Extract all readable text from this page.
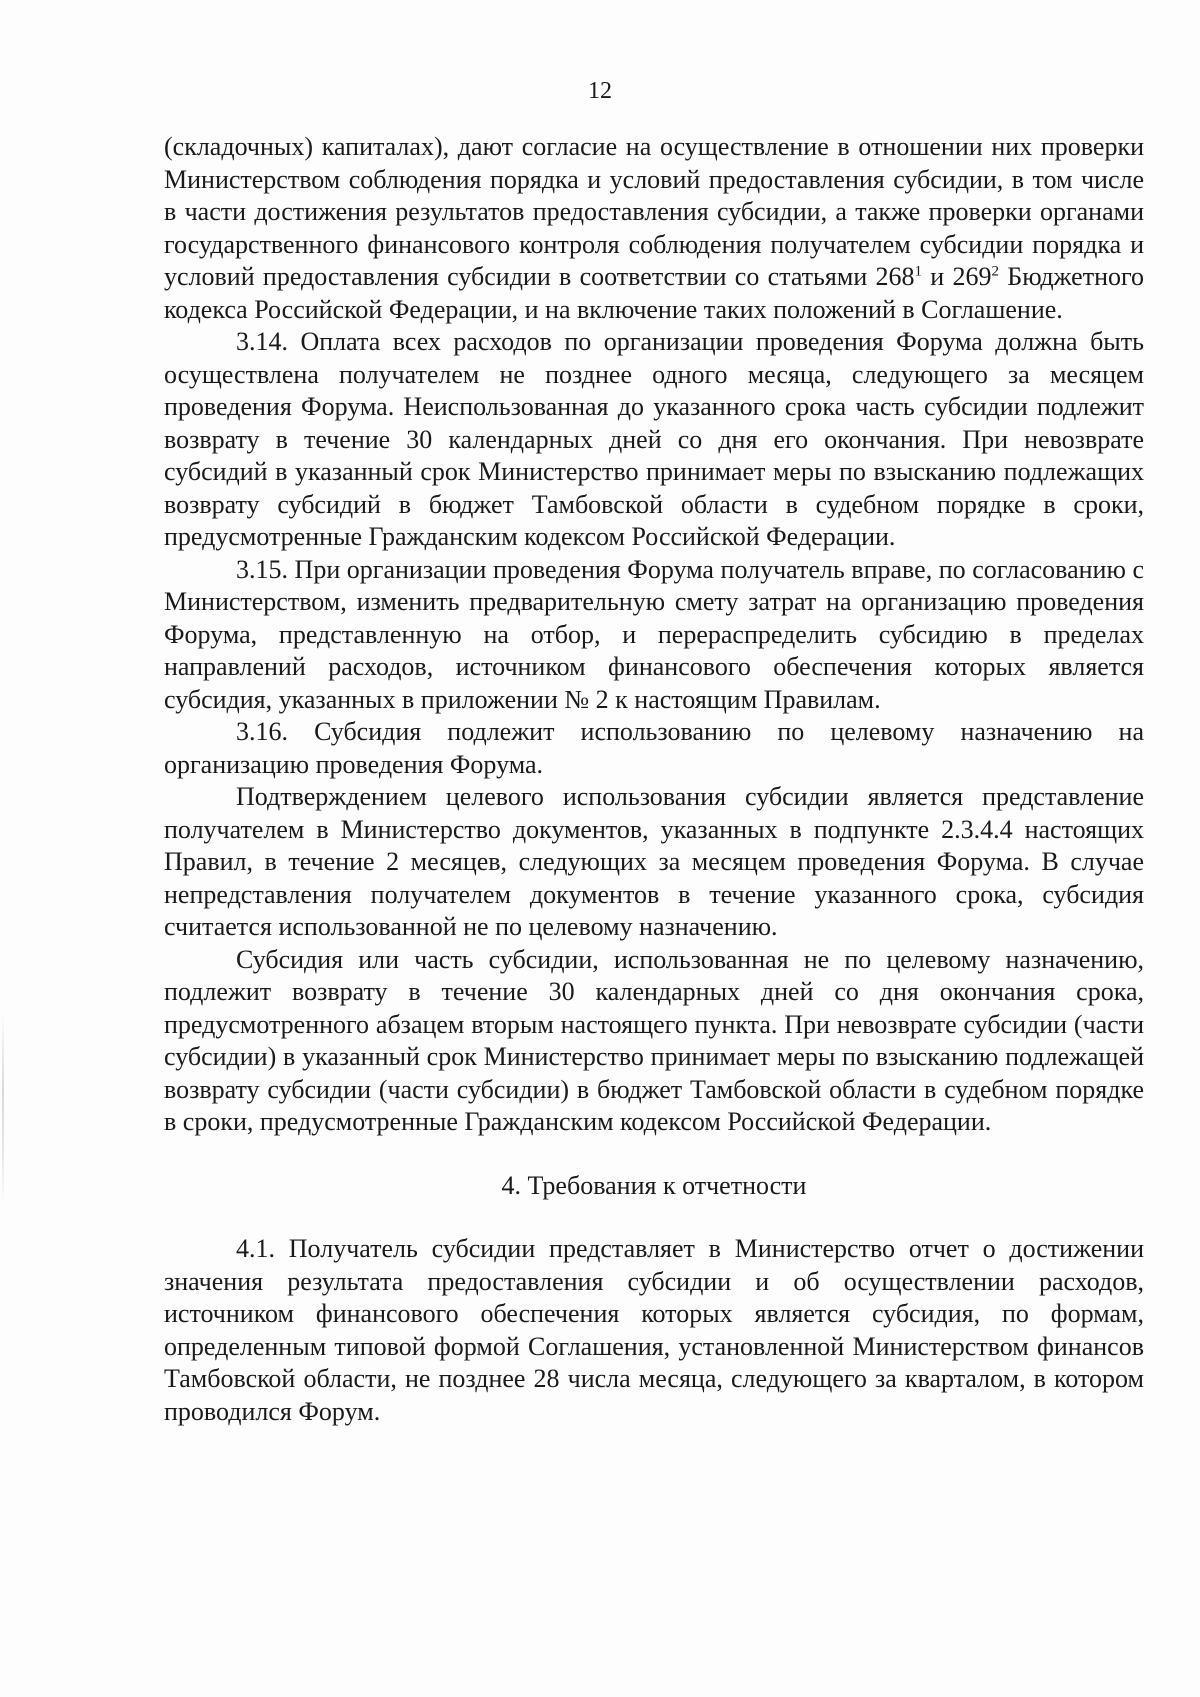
12

(складочных) капиталах), дают согласие на осуществление в отношении них проверки Министерством соблюдения порядка и условий предоставления субсидии, в том числе в части достижения результатов предоставления субсидии, а также проверки органами государственного финансового контроля соблюдения получателем субсидии порядка и условий предоставления субсидии в соответствии со статьями $268^1$ и $269^2$ Бюджетного кодекса Российской Федерации, и на включение таких положений в Соглашение.

3.14. Оплата всех расходов по организации проведения Форума должна быть осуществлена получателем не позднее одного месяца, следующего за месяцем проведения Форума. Неиспользованная до указанного срока часть субсидии подлежит возврату в течение 30 календарных дней со дня его окончания. При невозврате субсидий в указанный срок Министерство принимает меры по взысканию подлежащих возврату субсидий в бюджет Тамбовской области в судебном порядке в сроки, предусмотренные Гражданским кодексом Российской Федерации.

3.15. При организации проведения Форума получатель вправе, по согласованию с Министерством, изменить предварительную смету затрат на организацию проведения Форума, представленную на отбор, и перераспределить субсидию в пределах направлений расходов, источником финансового обеспечения которых является субсидия, указанных в приложении № 2 к настоящим Правилам.

3.16. Субсидия подлежит использованию по целевому назначению на организацию проведения Форума.

Подтверждением целевого использования субсидии является представление получателем в Министерство документов, указанных в подпункте 2.3.4.4 настоящих Правил, в течение 2 месяцев, следующих за месяцем проведения Форума. В случае непредставления получателем документов в течение указанного срока, субсидия считается использованной не по целевому назначению.

Субсидия или часть субсидии, использованная не по целевому назначению, подлежит возврату в течение 30 календарных дней со дня окончания срока, предусмотренного абзацем вторым настоящего пункта. При невозврате субсидии (части субсидии) в указанный срок Министерство принимает меры по взысканию подлежащей возврату субсидии (части субсидии) в бюджет Тамбовской области в судебном порядке в сроки, предусмотренные Гражданским кодексом Российской Федерации.

4. Требования к отчетности

4.1. Получатель субсидии представляет в Министерство отчет о достижении значения результата предоставления субсидии и об осуществлении расходов, источником финансового обеспечения которых является субсидия, по формам, определенным типовой формой Соглашения, установленной Министерством финансов Тамбовской области, не позднее 28 числа месяца, следующего за кварталом, в котором проводился Форум.
